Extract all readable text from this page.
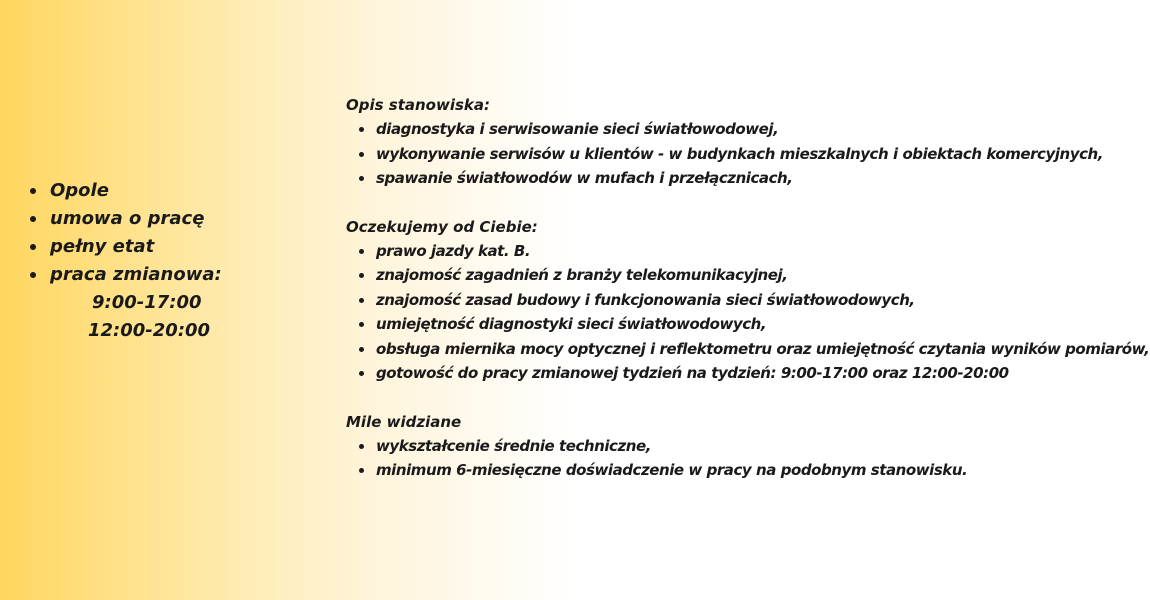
Opole
umowa o pracę
pełny etat
praca zmianowa:
9:00-17:00
12:00-20:00
Opis stanowiska:
diagnostyka i serwisowanie sieci światłowodowej,
wykonywanie serwisów u klientów - w budynkach mieszkalnych i obiektach komercyjnych,
spawanie światłowodów w mufach i przełącznicach,
Oczekujemy od Ciebie:
prawo jazdy kat. B.
znajomość zagadnień z branży telekomunikacyjnej,
znajomość zasad budowy i funkcjonowania sieci światłowodowych,
umiejętność diagnostyki sieci światłowodowych,
obsługa miernika mocy optycznej i reflektometru oraz umiejętność czytania wyników pomiarów,
gotowość do pracy zmianowej tydzień na tydzień: 9:00-17:00 oraz 12:00-20:00
Mile widziane
wykształcenie średnie techniczne,
minimum 6-miesięczne doświadczenie w pracy na podobnym stanowisku.
